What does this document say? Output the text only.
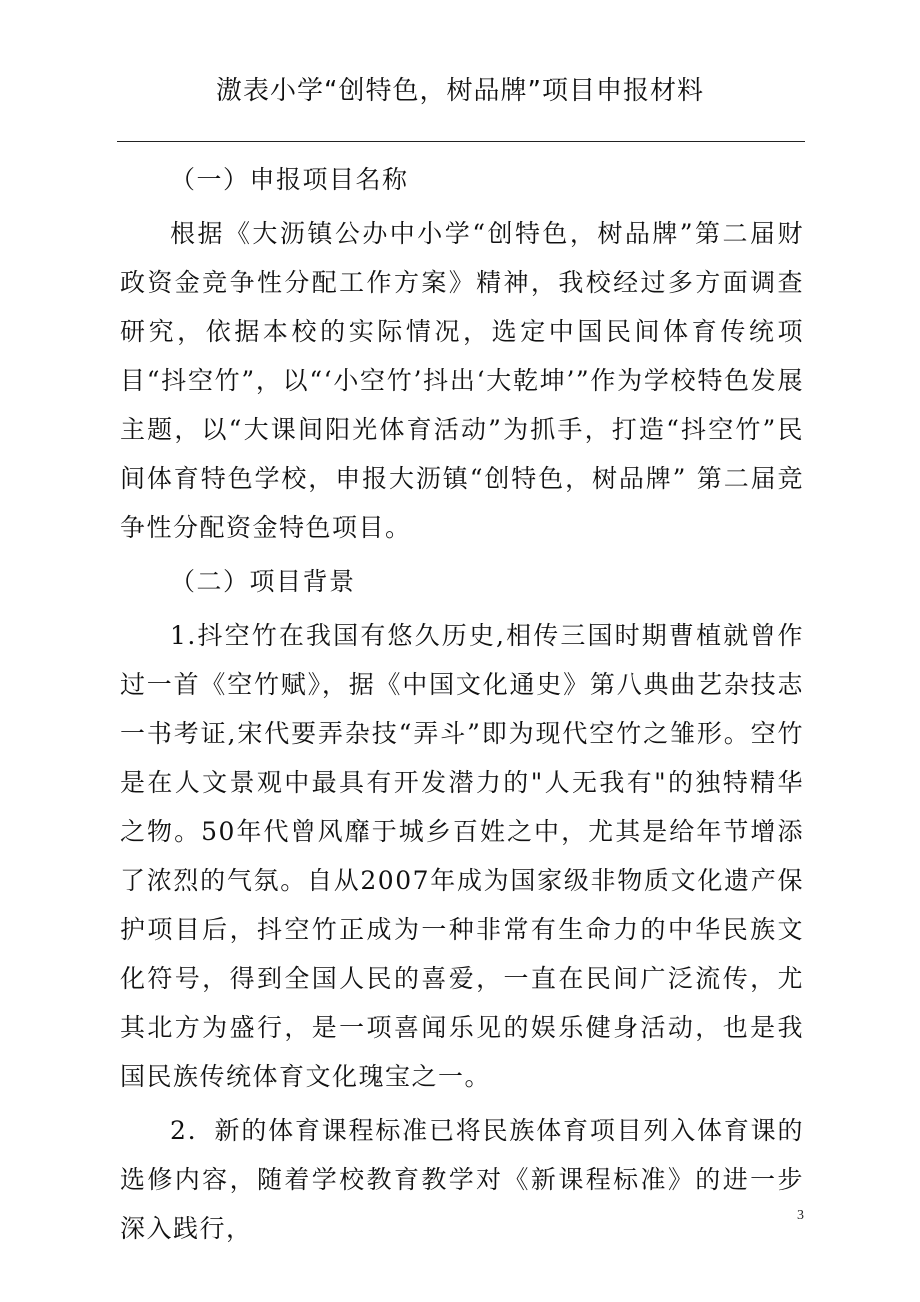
滶表小学“创特色，树品牌”项目申报材料

（一）申报项目名称

根据《大沥镇公办中小学“创特色，树品牌”第二届财政资金竞争性分配工作方案》精神，我校经过多方面调查研究，依据本校的实际情况，选定中国民间体育传统项目“抖空竹”，以“‘小空竹’抖出‘大乾坤’”作为学校特色发展主题，以“大课间阳光体育活动”为抓手，打造“抖空竹”民间体育特色学校，申报大沥镇“创特色，树品牌” 第二届竞争性分配资金特色项目。

（二）项目背景

1.抖空竹在我国有悠久历史,相传三国时期曹植就曾作过一首《空竹赋》，据《中国文化通史》第八典曲艺杂技志一书考证,宋代要弄杂技“弄斗”即为现代空竹之雏形。空竹是在人文景观中最具有开发潜力的"人无我有"的独特精华之物。50年代曾风靡于城乡百姓之中，尤其是给年节增添了浓烈的气氛。自从2007年成为国家级非物质文化遗产保护项目后，抖空竹正成为一种非常有生命力的中华民族文化符号，得到全国人民的喜爱，一直在民间广泛流传，尤其北方为盛行，是一项喜闻乐见的娱乐健身活动，也是我国民族传统体育文化瑰宝之一。

2．新的体育课程标准已将民族体育项目列入体育课的选修内容，随着学校教育教学对《新课程标准》的进一步深入践行，	3
